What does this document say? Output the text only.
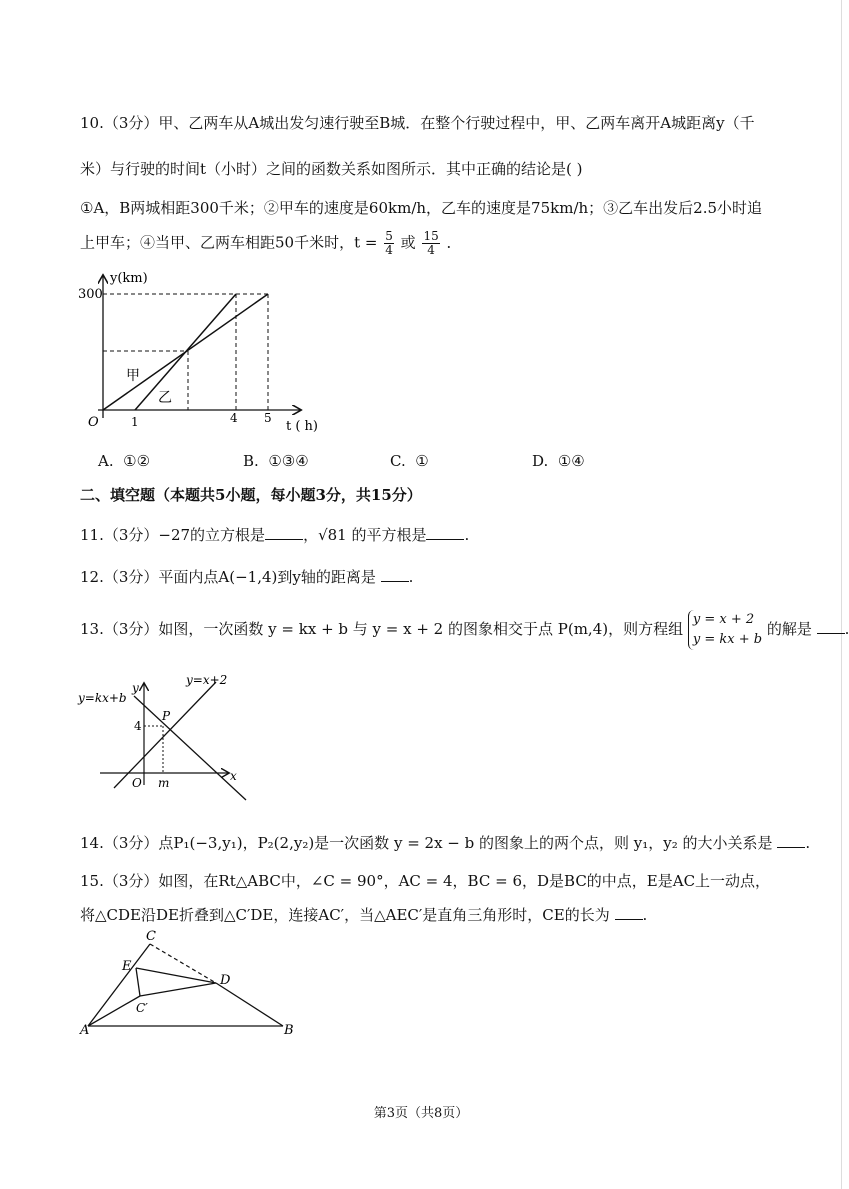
10.（3分）甲、乙两车从A城出发匀速行驶至B城．在整个行驶过程中，甲、乙两车离开A城距离y（千
米）与行驶的时间t（小时）之间的函数关系如图所示．其中正确的结论是( )
①A，B两城相距300千米；②甲车的速度是60km/h，乙车的速度是75km/h；③乙车出发后2.5小时追
上甲车；④当甲、乙两车相距50千米时，$t = \frac{5}{4}$ 或 $\frac{15}{4}$ ．
y(km)
t ( h)
300
O	1	4 5
甲
乙
A. ①②	B. ①③④	C. ①	D. ①④
二、填空题（本题共5小题，每小题3分，共15分）
11.（3分）−27的立方根是	，√81 的平方根是	.
12.（3分）平面内点A(−1,4)到y轴的距离是 .
13.（3分）如图，一次函数 y = kx + b 与 y = x + 2 的图象相交于点 P(m,4)，则方程组
y = x + 2
y = kx + b
的解是 .
y=kx+b
y=x+2
y
x
P
4
m
O
14.（3分）点P₁(−3,y₁)，P₂(2,y₂)是一次函数 y = 2x − b 的图象上的两个点，则 y₁，y₂ 的大小关系是 .
15.（3分）如图，在Rt△ABC中，∠C = 90°，AC = 4，BC = 6，D是BC的中点，E是AC上一动点，
将△CDE沿DE折叠到△C′DE，连接AC′，当△AEC′是直角三角形时，CE的长为 .
A	B
C
D
E
C′
第3页（共8页）
